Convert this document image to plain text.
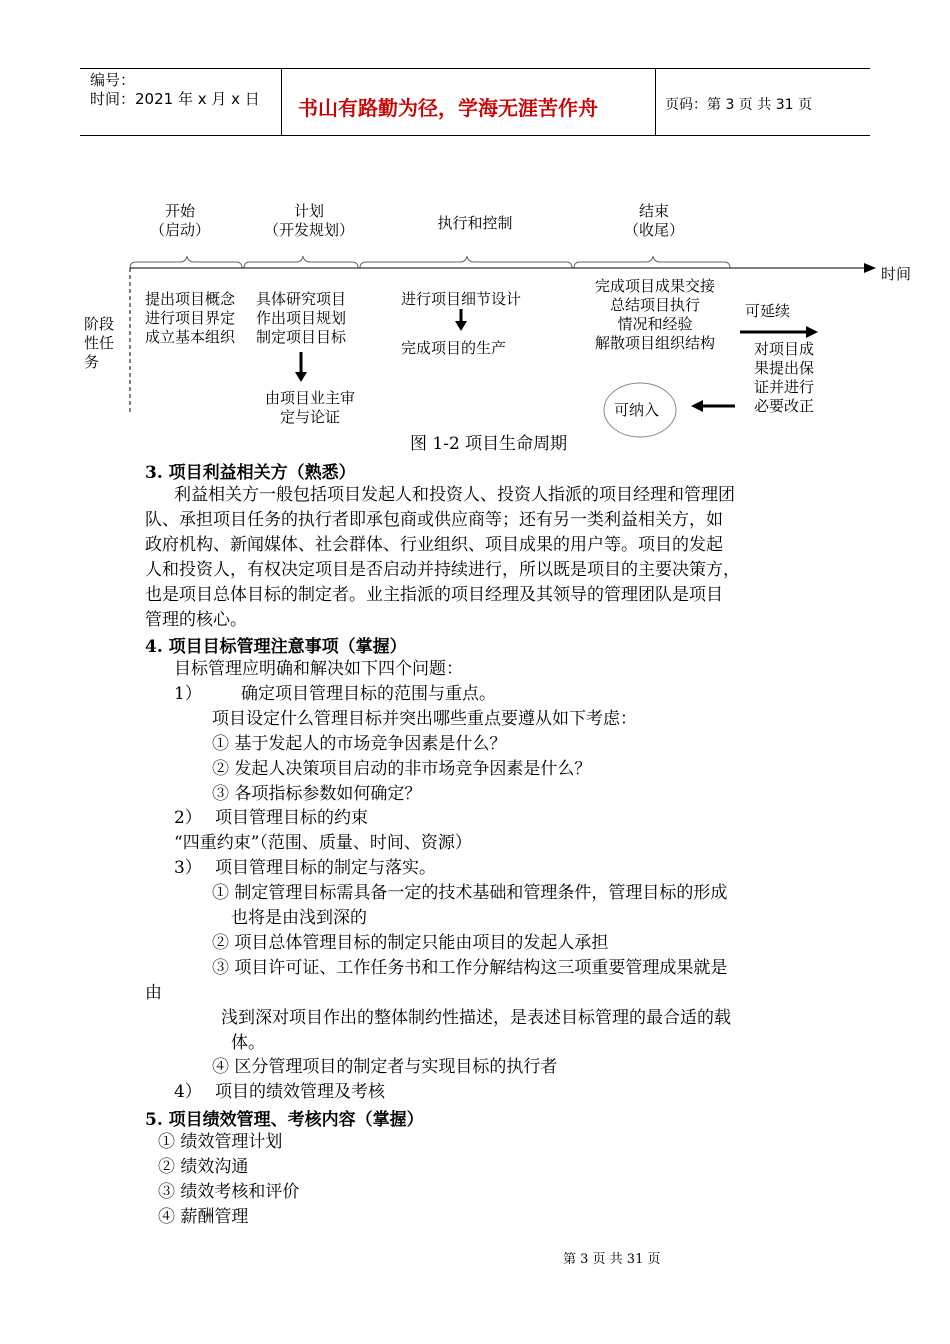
编号：
时间：2021 年 x 月 x 日 书山有路勤为径，学海无涯苦作舟	页码：第 3 页 共 31 页
开始
（启动）
计划
（开发规划）	执行和控制
结束
（收尾）
时间
阶段
性任
务
提出项目概念
进行项目界定
成立基本组织
具体研究项目
作出项目规划
制定项目目标
由项目业主审
定与论证
进行项目细节设计
完成项目的生产
完成项目成果交接
总结项目执行
情况和经验
解散项目组织结构
可延续
对项目成
果提出保
证并进行
必要改正
可纳入
图 1-2 项目生命周期
3. 项目利益相关方（熟悉）
利益相关方一般包括项目发起人和投资人、投资人指派的项目经理和管理团
队、承担项目任务的执行者即承包商或供应商等；还有另一类利益相关方，如
政府机构、新闻媒体、社会群体、行业组织、项目成果的用户等。项目的发起
人和投资人，有权决定项目是否启动并持续进行，所以既是项目的主要决策方，
也是项目总体目标的制定者。业主指派的项目经理及其领导的管理团队是项目
管理的核心。
4. 项目目标管理注意事项（掌握）
目标管理应明确和解决如下四个问题：
1） 确定项目管理目标的范围与重点。
项目设定什么管理目标并突出哪些重点要遵从如下考虑：
① 基于发起人的市场竞争因素是什么？
② 发起人决策项目启动的非市场竞争因素是什么？
③ 各项指标参数如何确定？
2） 项目管理目标的约束
“四重约束”（范围、质量、时间、资源）
3） 项目管理目标的制定与落实。
① 制定管理目标需具备一定的技术基础和管理条件，管理目标的形成
也将是由浅到深的
② 项目总体管理目标的制定只能由项目的发起人承担
③ 项目许可证、工作任务书和工作分解结构这三项重要管理成果就是
由
浅到深对项目作出的整体制约性描述，是表述目标管理的最合适的载
体。
④ 区分管理项目的制定者与实现目标的执行者
4） 项目的绩效管理及考核
5. 项目绩效管理、考核内容（掌握）
① 绩效管理计划
② 绩效沟通
③ 绩效考核和评价
④ 薪酬管理
第 3 页 共 31 页
